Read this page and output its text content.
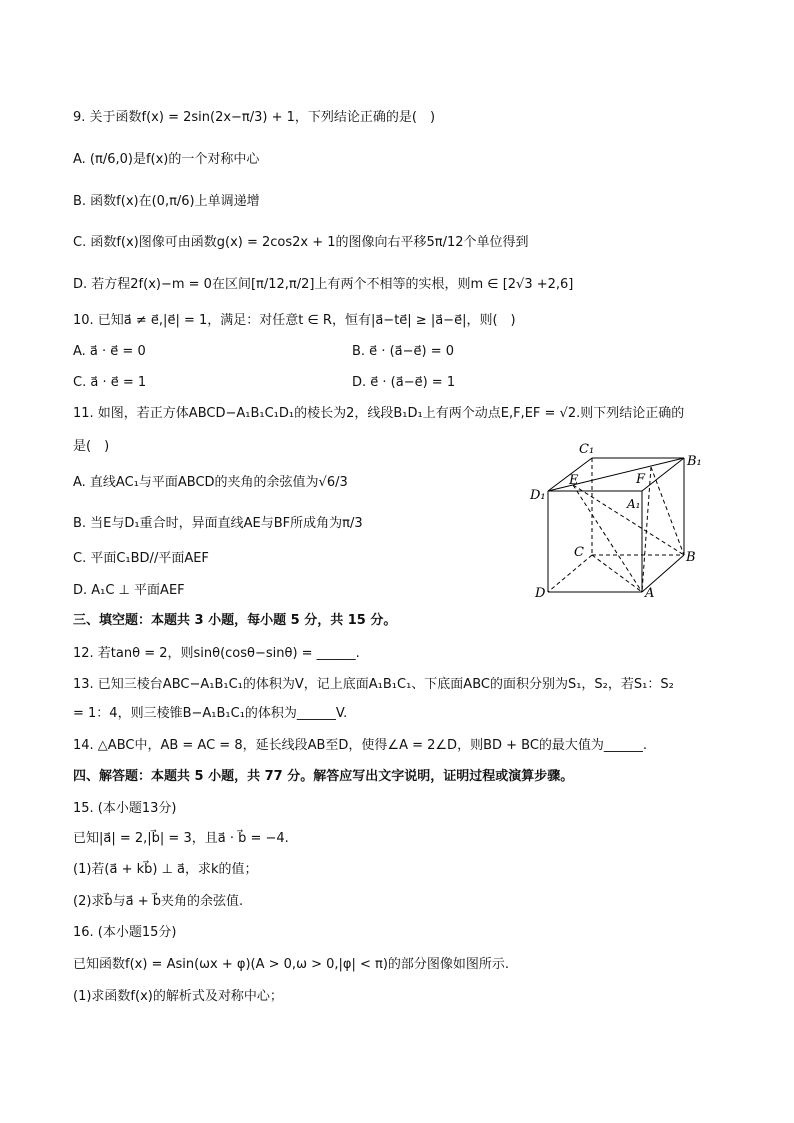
9. 关于函数f(x) = 2sin(2x−π/3) + 1，下列结论正确的是(　)
A. (π/6,0)是f(x)的一个对称中心
B. 函数f(x)在(0,π/6)上单调递增
C. 函数f(x)图像可由函数g(x) = 2cos2x + 1的图像向右平移5π/12个单位得到
D. 若方程2f(x)−m = 0在区间[π/12,π/2]上有两个不相等的实根，则m ∈ [2√3 +2,6]
10. 已知a⃗ ≠ e⃗,|e⃗| = 1，满足：对任意t ∈ R，恒有|a⃗−te⃗| ≥ |a⃗−e⃗|，则(　)
A. a⃗ · e⃗ = 0	B. e⃗ · (a⃗−e⃗) = 0
C. a⃗ · e⃗ = 1	D. e⃗ · (a⃗−e⃗) = 1
11. 如图，若正方体ABCD−A₁B₁C₁D₁的棱长为2，线段B₁D₁上有两个动点E,F,EF = √2.则下列结论正确的
是(　)
A. 直线AC₁与平面ABCD的夹角的余弦值为√6/3
B. 当E与D₁重合时，异面直线AE与BF所成角为π/3
C. 平面C₁BD//平面AEF
D. A₁C ⊥ 平面AEF
C₁
B₁
D₁
E	F
A₁
C	B
D	A
三、填空题：本题共 3 小题，每小题 5 分，共 15 分。
12. 若tanθ = 2，则sinθ(cosθ−sinθ) = ______.
13. 已知三棱台ABC−A₁B₁C₁的体积为V，记上底面A₁B₁C₁、下底面ABC的面积分别为S₁，S₂，若S₁：S₂
= 1：4，则三棱锥B−A₁B₁C₁的体积为______V.
14. △ABC中，AB = AC = 8，延长线段AB至D，使得∠A = 2∠D，则BD + BC的最大值为______.
四、解答题：本题共 5 小题，共 77 分。解答应写出文字说明，证明过程或演算步骤。
15. (本小题13分)
已知|a⃗| = 2,|b⃗| = 3，且a⃗ · b⃗ = −4.
(1)若(a⃗ + kb⃗) ⊥ a⃗，求k的值；
(2)求b⃗与a⃗ + b⃗夹角的余弦值.
16. (本小题15分)
已知函数f(x) = Asin(ωx + φ)(A > 0,ω > 0,|φ| < π)的部分图像如图所示.
(1)求函数f(x)的解析式及对称中心；
